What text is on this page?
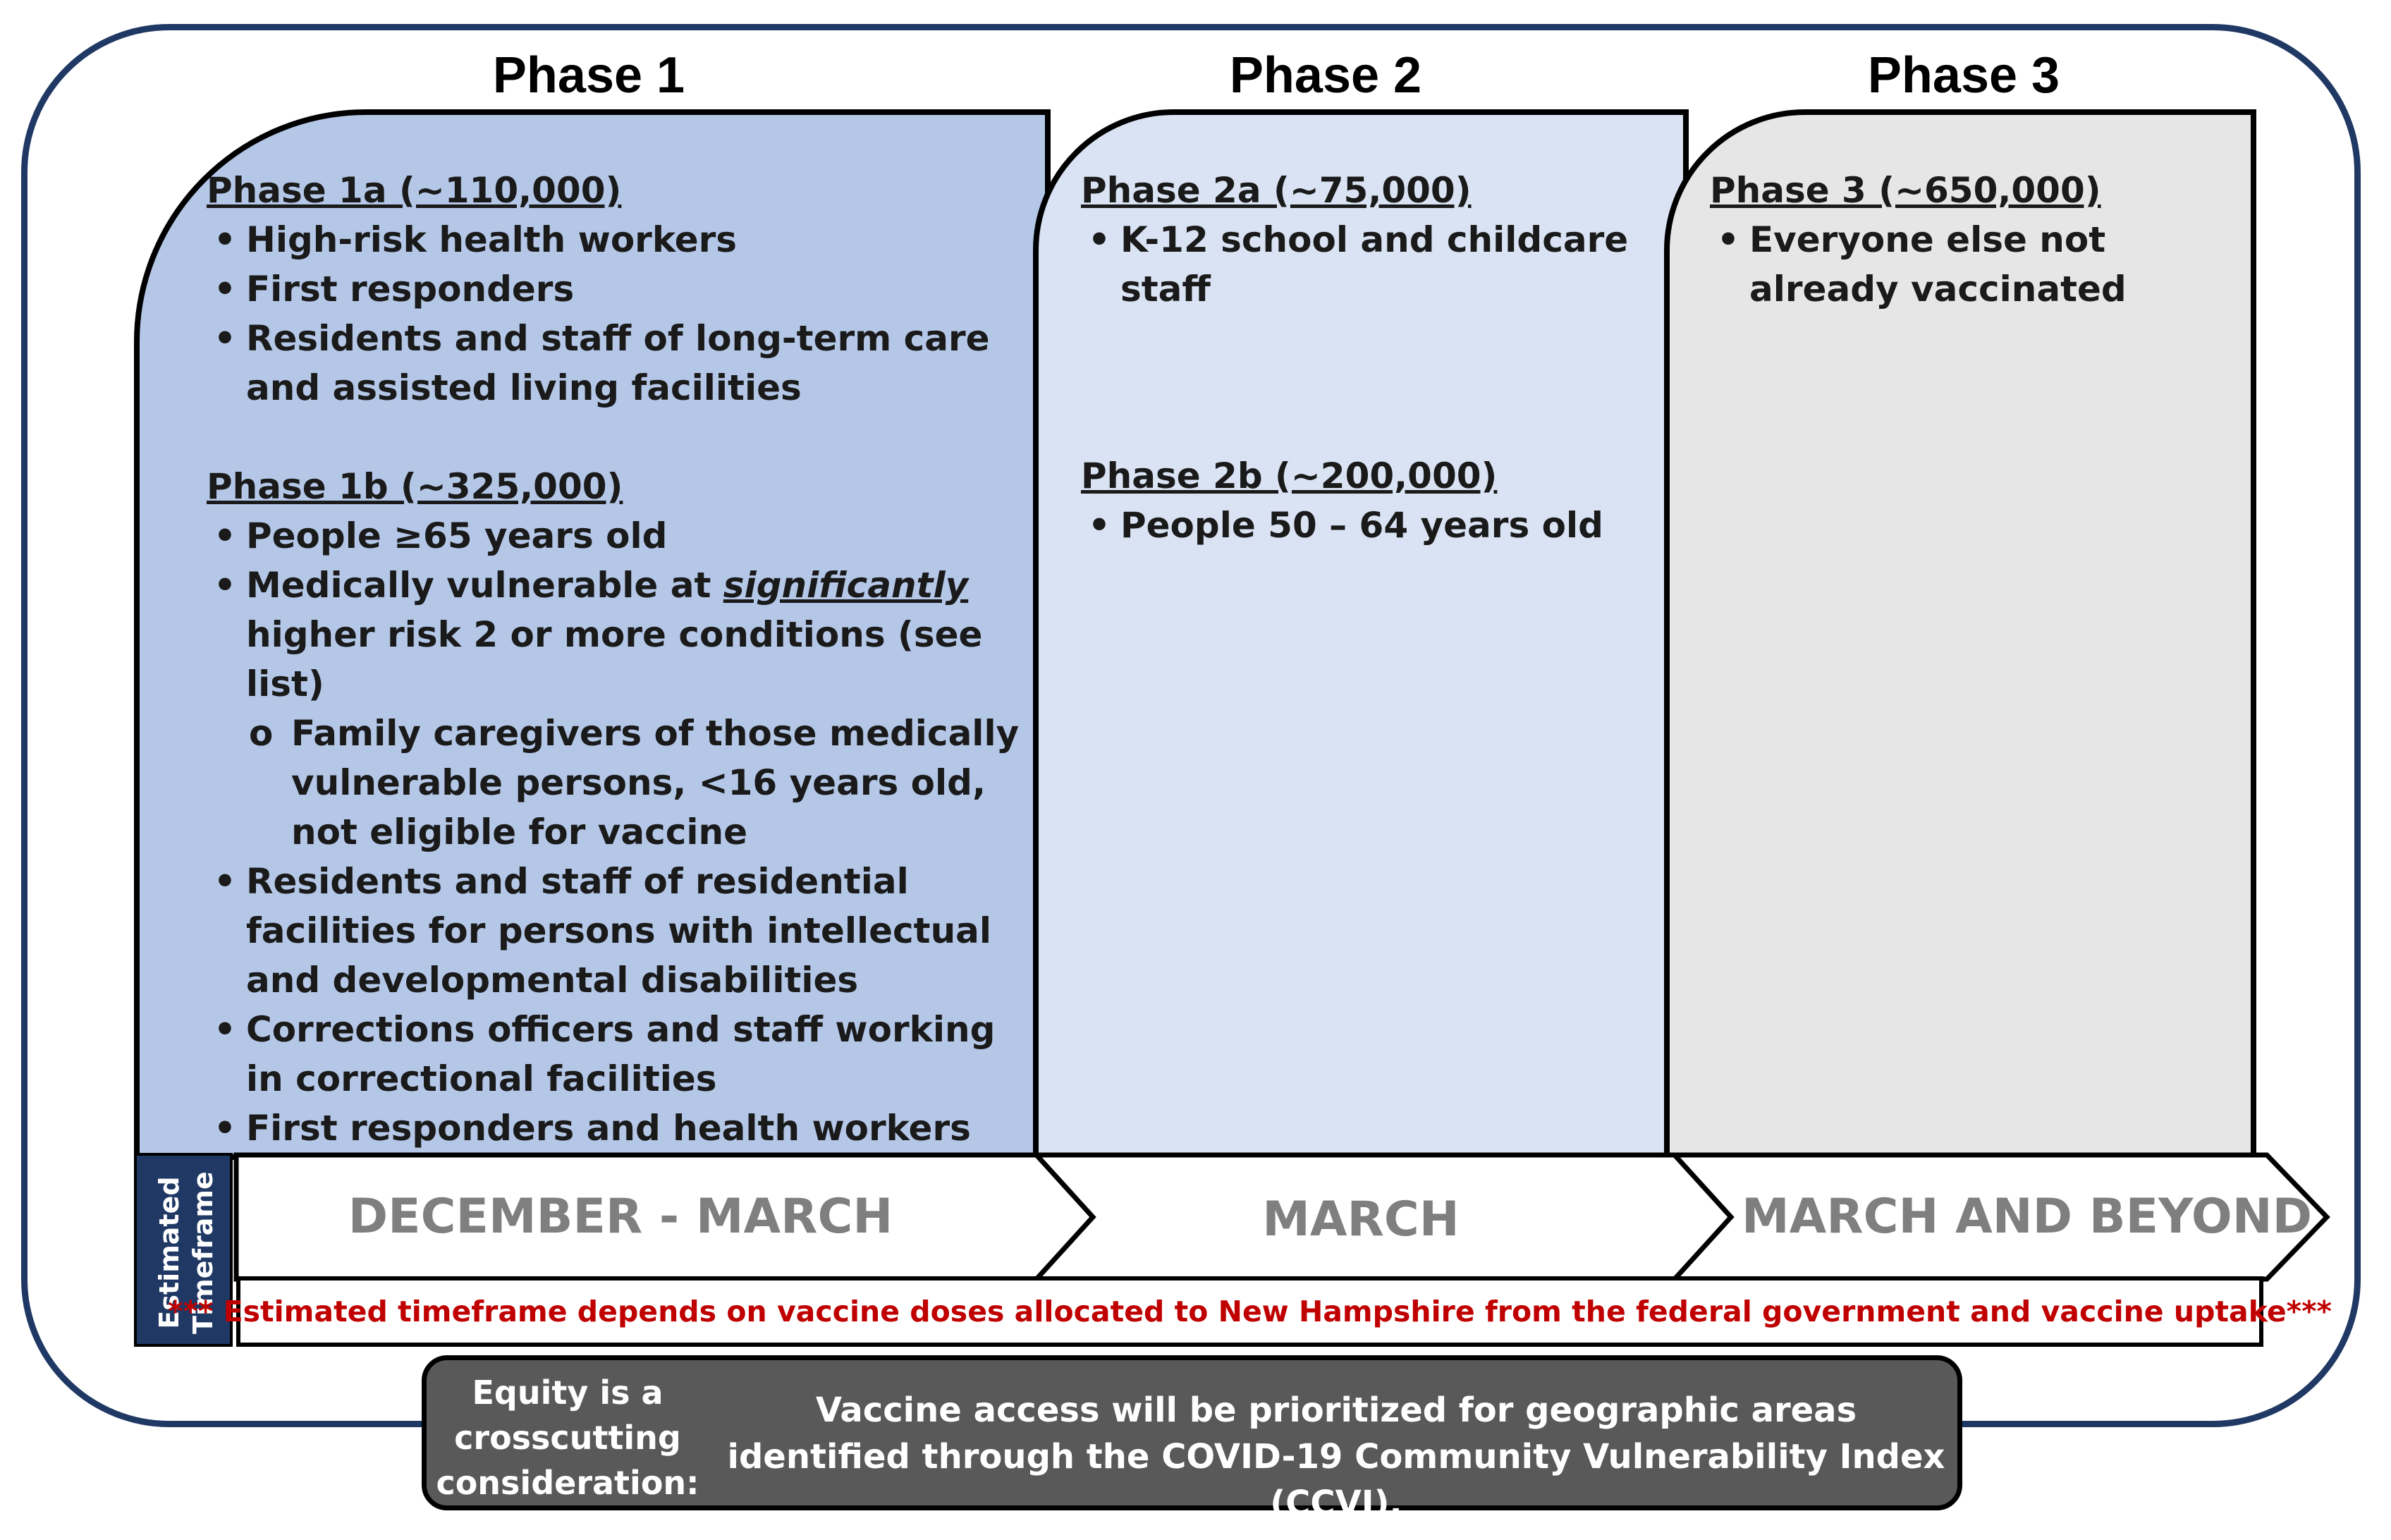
Phase 1	Phase 2	Phase 3
Phase 1a (~110,000)
• High-risk health workers
• First responders
• Residents and staff of long-term care and assisted living facilities
Phase 1b (~325,000)
• People ≥65 years old
• Medically vulnerable at significantly higher risk 2 or more conditions (see list)
o Family caregivers of those medically vulnerable persons, <16 years old, not eligible for vaccine
• Residents and staff of residential facilities for persons with intellectual and developmental disabilities
• Corrections officers and staff working in correctional facilities
• First responders and health workers
Phase 2a (~75,000)
• K-12 school and childcare staff
Phase 2b (~200,000)
• People 50 – 64 years old
Phase 3 (~650,000)
• Everyone else not already vaccinated
Estimated Timeframe	DECEMBER - MARCH	MARCH	MARCH AND BEYOND
*** Estimated timeframe depends on vaccine doses allocated to New Hampshire from the federal government and vaccine uptake***
Equity is a crosscutting consideration:
Vaccine access will be prioritized for geographic areas identified through the COVID-19 Community Vulnerability Index (CCVI).
